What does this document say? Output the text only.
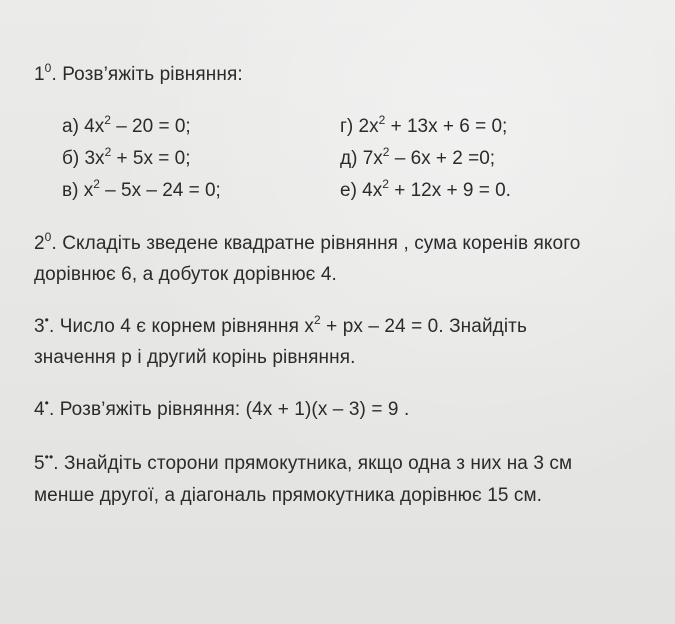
$1^0$. Розв’яжіть рівняння:
а) $4x^2 - 20 = 0$;
б) $3x^2 + 5x = 0$;
в) $x^2 - 5x - 24 = 0$;
г) $2x^2 + 13x + 6 = 0$;
д) $7x^2 - 6x + 2 =0$;
е) $4x^2 + 12x + 9 = 0$.
$2^0$. Складіть зведене квадратне рівняння , сума коренів якого
дорівнює 6, а добуток дорівнює 4.
3•. Число 4 є корнем рівняння $x^2$ + px – 24 = 0. Знайдіть
значення p і другий корінь рівняння.
4•. Розв’яжіть рівняння: (4x + 1)(x – 3) = 9 .
5••. Знайдіть сторони прямокутника, якщо одна з них на 3 см
менше другої, а діагональ прямокутника дорівнює 15 см.
